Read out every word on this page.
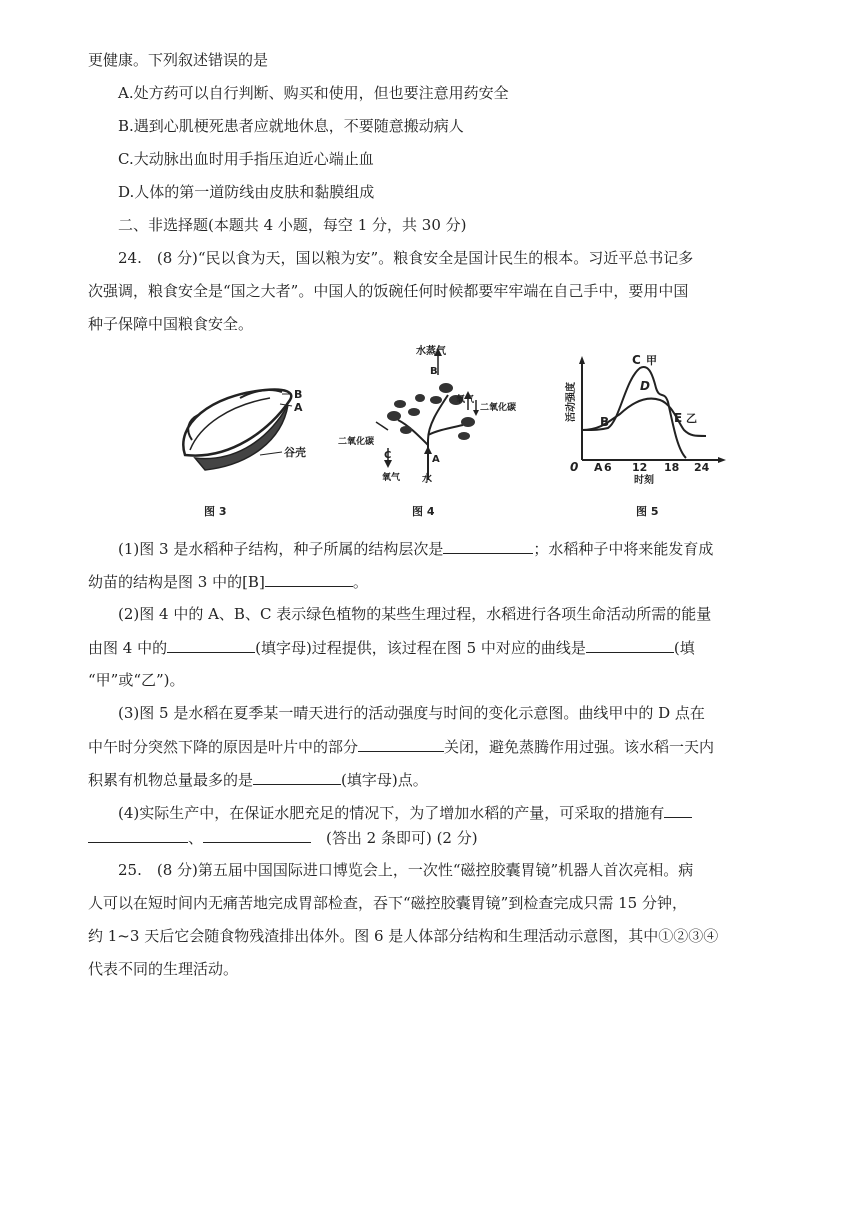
更健康。下列叙述错误的是
A.处方药可以自行判断、购买和使用，但也要注意用药安全
B.遇到心肌梗死患者应就地休息，不要随意搬动病人
C.大动脉出血时用手指压迫近心端止血
D.人体的第一道防线由皮肤和黏膜组成
二、非选择题(本题共 4 小题，每空 1 分，共 30 分)
24.　(8 分)“民以食为天，国以粮为安”。粮食安全是国计民生的根本。习近平总书记多
次强调，粮食安全是“国之大者”。中国人的饭碗任何时候都要牢牢端在自己手中，要用中国
种子保障中国粮食安全。
B
A
谷壳
图 3
水蒸气
B
氧气
二氧化碳
二氧化碳
C
氧气
A
水
图 4
活动强度
C 甲
D
B	E 乙
A
0 6 12 18 24
时刻
图 5
(1)图 3 是水稻种子结构，种子所属的结构层次是	；水稻种子中将来能发育成
幼苗的结构是图 3 中的[B]	。
(2)图 4 中的 A、B、C 表示绿色植物的某些生理过程，水稻进行各项生命活动所需的能量
由图 4 中的	(填字母)过程提供，该过程在图 5 中对应的曲线是	(填
“甲”或“乙”)。
(3)图 5 是水稻在夏季某一晴天进行的活动强度与时间的变化示意图。曲线甲中的 D 点在
中午时分突然下降的原因是叶片中的部分	关闭，避免蒸腾作用过强。该水稻一天内
积累有机物总量最多的是	(填字母)点。
(4)实际生产中，在保证水肥充足的情况下，为了增加水稻的产量，可采取的措施有
、	　(答出 2 条即可) (2 分)
25.　(8 分)第五届中国国际进口博览会上，一次性“磁控胶囊胃镜”机器人首次亮相。病
人可以在短时间内无痛苦地完成胃部检查，吞下“磁控胶囊胃镜”到检查完成只需 15 分钟，
约 1~3 天后它会随食物残渣排出体外。图 6 是人体部分结构和生理活动示意图，其中①②③④
代表不同的生理活动。
